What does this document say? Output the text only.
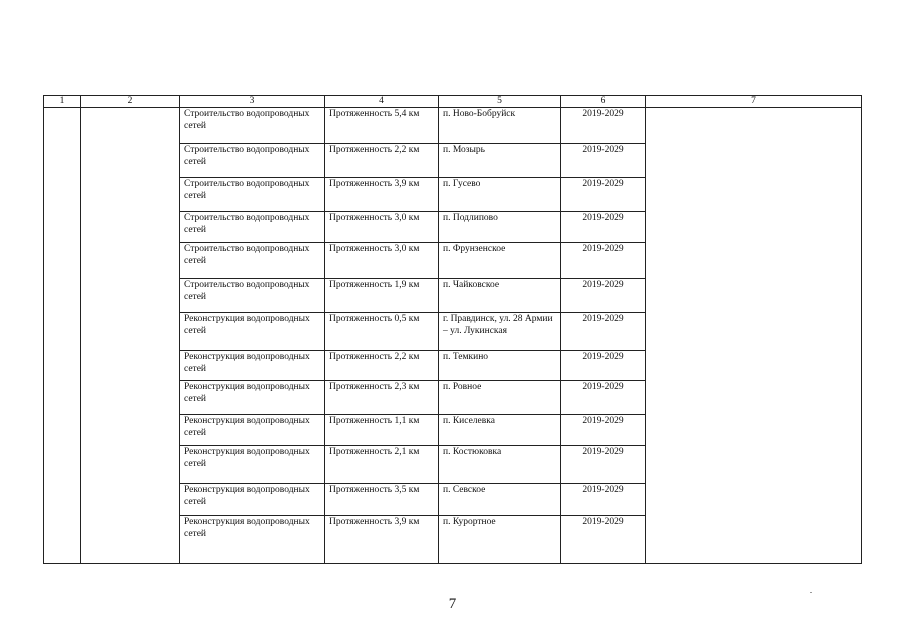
1	2	3	4	5	6	7
		Строительство водопроводных сетей	Протяженность 5,4 км	п. Ново-Бобруйск	2019-2029	
		Строительство водопроводных сетей	Протяженность 2,2 км	п. Мозырь	2019-2029	
		Строительство водопроводных сетей	Протяженность 3,9 км	п. Гусево	2019-2029	
		Строительство водопроводных сетей	Протяженность 3,0 км	п. Подлипово	2019-2029	
		Строительство водопроводных сетей	Протяженность 3,0 км	п. Фрунзенское	2019-2029	
		Строительство водопроводных сетей	Протяженность 1,9 км	п. Чайковское	2019-2029	
		Реконструкция водопроводных сетей	Протяженность 0,5 км	г. Правдинск, ул. 28 Армии – ул. Лукинская	2019-2029	
		Реконструкция водопроводных сетей	Протяженность 2,2 км	п. Темкино	2019-2029	
		Реконструкция водопроводных сетей	Протяженность 2,3 км	п. Ровное	2019-2029	
		Реконструкция водопроводных сетей	Протяженность 1,1 км	п. Киселевка	2019-2029	
		Реконструкция водопроводных сетей	Протяженность 2,1 км	п. Костюковка	2019-2029	
		Реконструкция водопроводных сетей	Протяженность 3,5 км	п. Севское	2019-2029	
		Реконструкция водопроводных сетей	Протяженность 3,9 км	п. Курортное	2019-2029	
7
